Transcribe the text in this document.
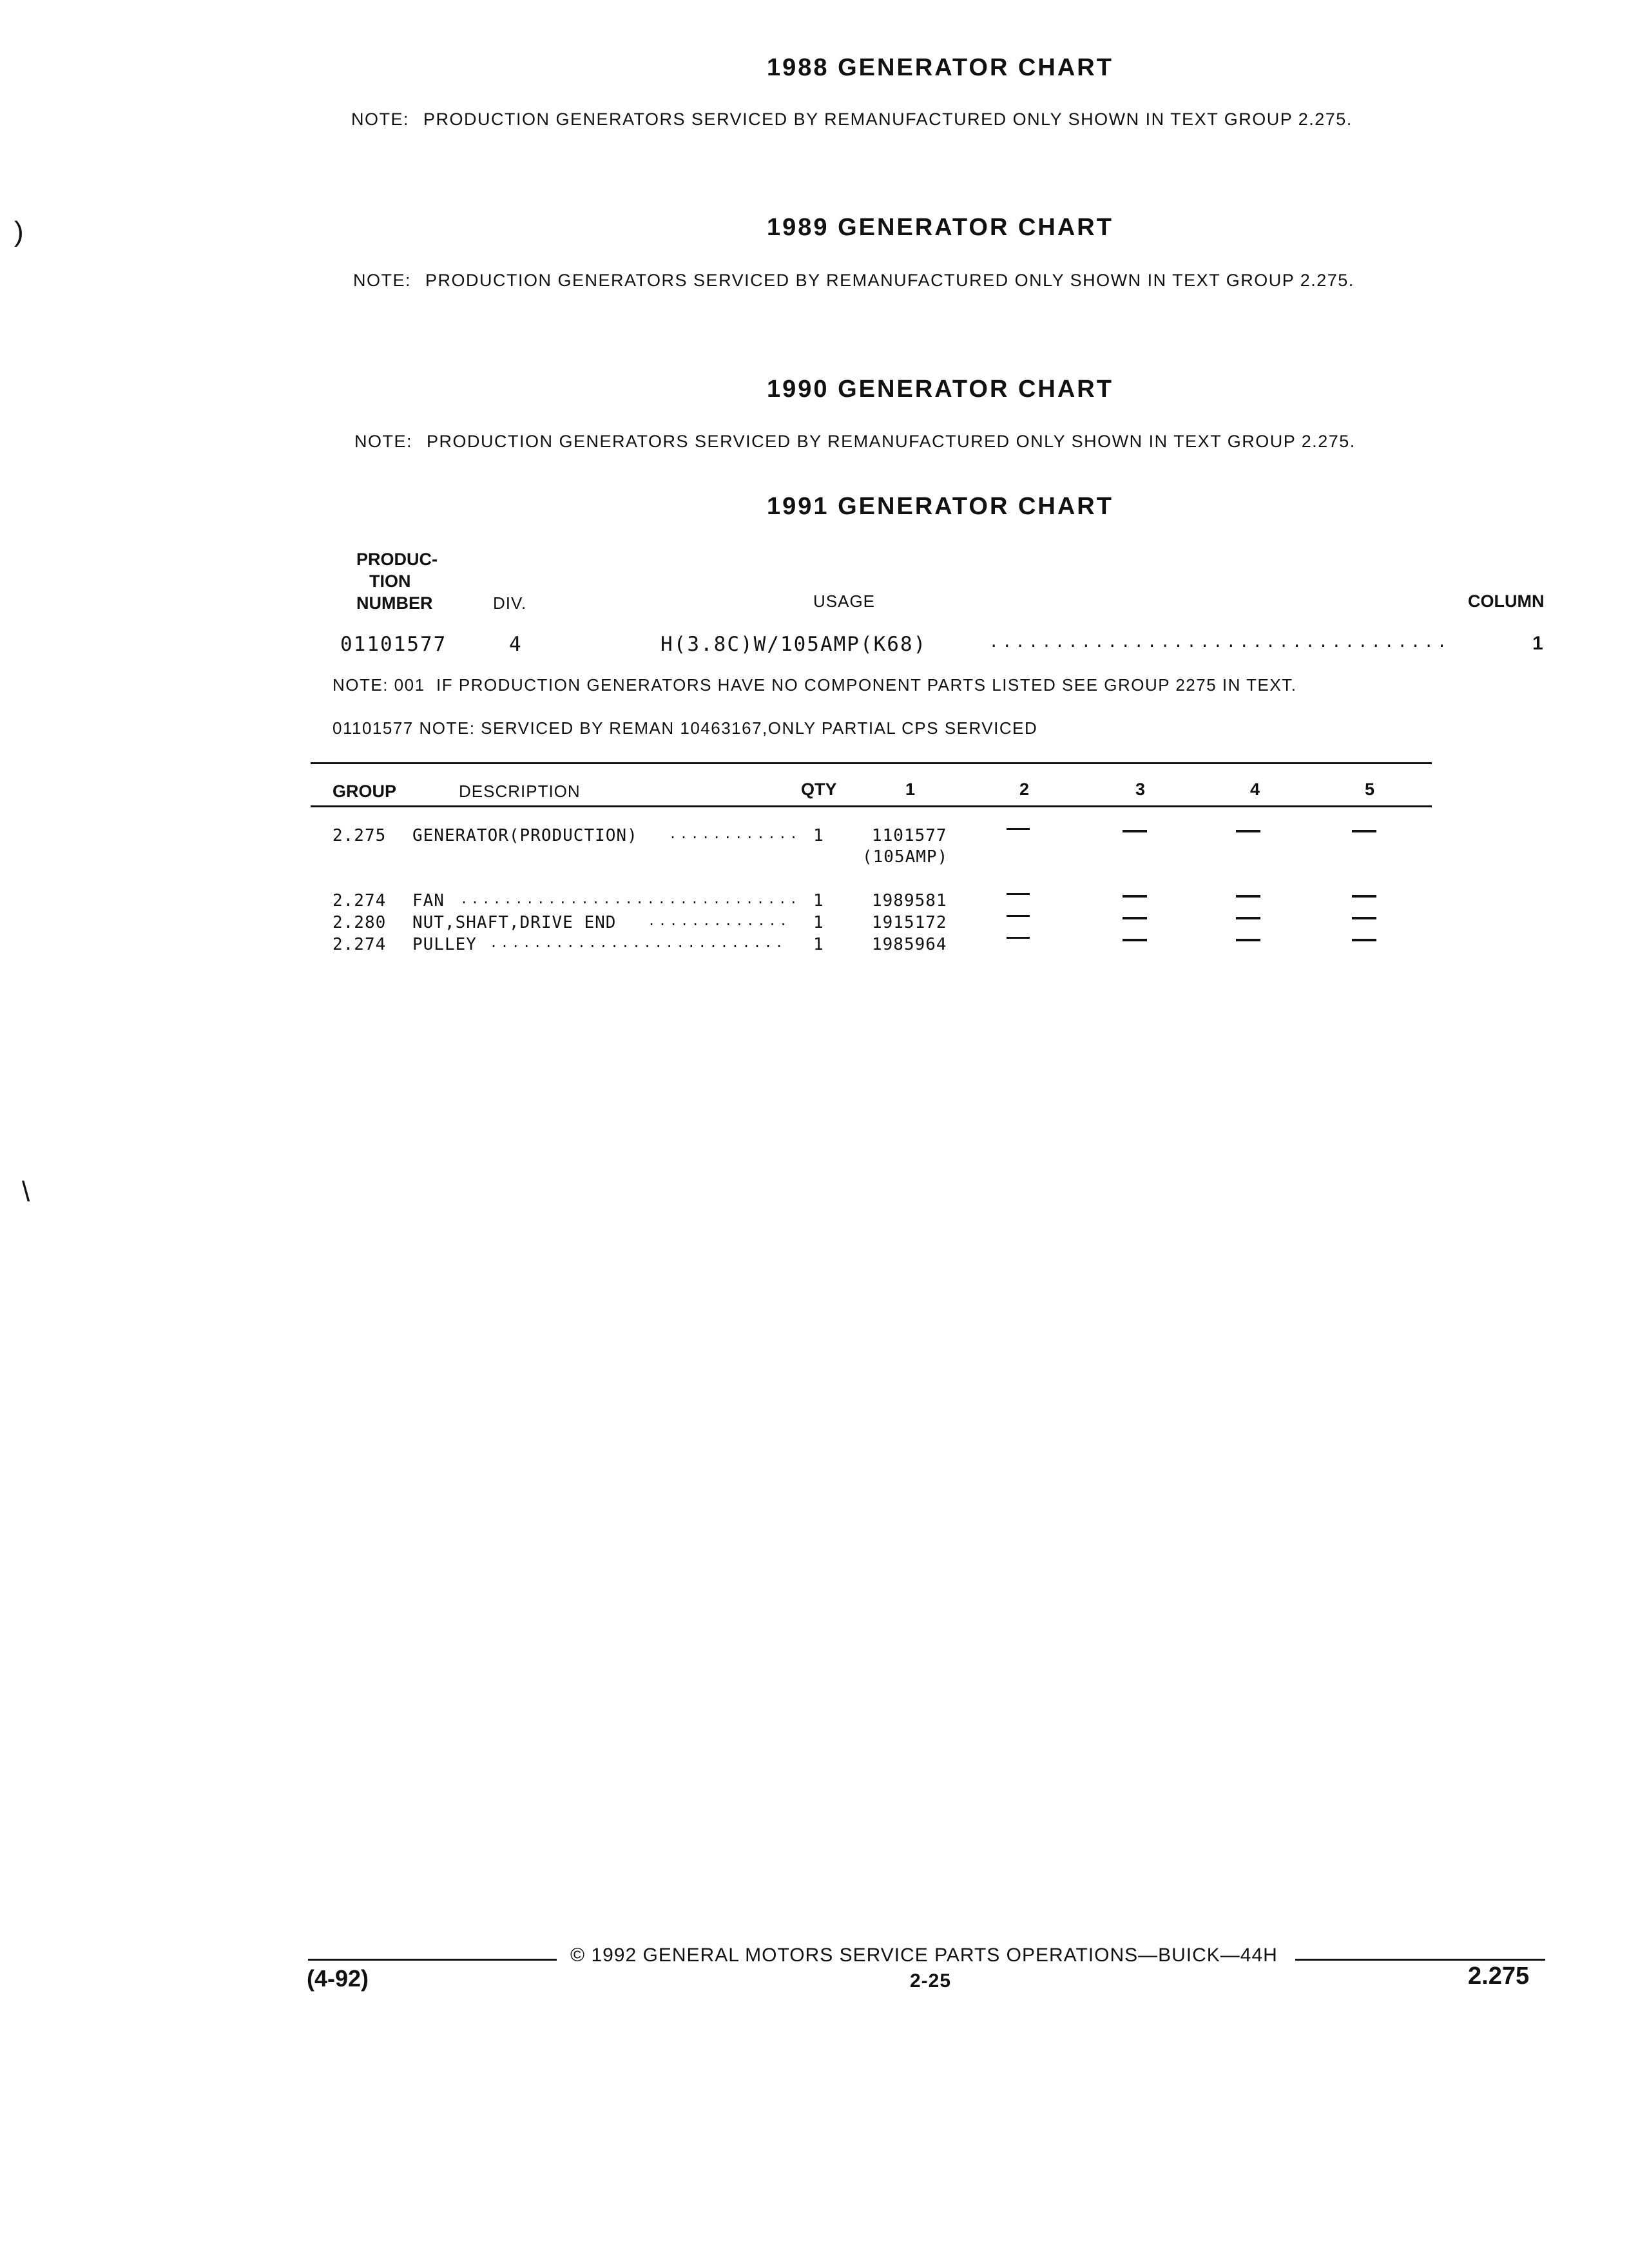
)
\
1988 GENERATOR CHART
NOTE: PRODUCTION GENERATORS SERVICED BY REMANUFACTURED ONLY SHOWN IN TEXT GROUP 2.275.
1989 GENERATOR CHART
NOTE: PRODUCTION GENERATORS SERVICED BY REMANUFACTURED ONLY SHOWN IN TEXT GROUP 2.275.
1990 GENERATOR CHART
NOTE: PRODUCTION GENERATORS SERVICED BY REMANUFACTURED ONLY SHOWN IN TEXT GROUP 2.275.
1991 GENERATOR CHART
PRODUC-
TION
NUMBER	DIV.	USAGE	COLUMN
01101577	4	H(3.8C)W/105AMP(K68)	...................................	1
NOTE: 001  IF PRODUCTION GENERATORS HAVE NO COMPONENT PARTS LISTED SEE GROUP 2275 IN TEXT.
01101577 NOTE: SERVICED BY REMAN 10463167,ONLY PARTIAL CPS SERVICED
GROUP	DESCRIPTION	QTY	1	2	3	4	5
2.275 GENERATOR(PRODUCTION) ............ 1	1101577
(105AMP)
2.274 FAN ............................... 1	1989581
2.280 NUT,SHAFT,DRIVE END ............. 1	1915172
2.274 PULLEY ........................... 1	1985964
© 1992 GENERAL MOTORS SERVICE PARTS OPERATIONS—BUICK—44H
(4-92)	2-25	2.275
